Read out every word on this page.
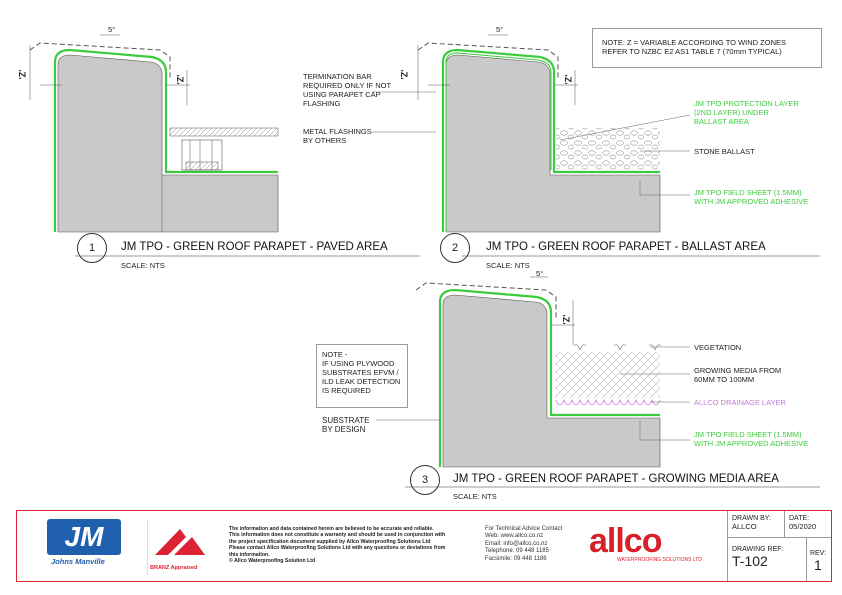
NOTE: Z = VARIABLE ACCORDING TO WIND ZONES
REFER TO NZBC E2 AS1 TABLE 7 (70mm TYPICAL)
5°	5°
5°
'Z'
'Z'
'Z'
'Z'
'Z'
TERMINATION BAR
REQUIRED ONLY IF NOT
USING PARAPET CAP
FLASHING
METAL FLASHINGS
BY OTHERS
JM TPO PROTECTION LAYER
(2ND LAYER) UNDER
BALLAST AREA
STONE BALLAST
JM TPO FIELD SHEET (1.5MM)
WITH JM APPROVED ADHESIVE
VEGETATION
GROWING MEDIA FROM
60MM TO 100MM
ALLCO DRAINAGE LAYER
JM TPO FIELD SHEET (1.5MM)
WITH JM APPROVED ADHESIVE
NOTE -
IF USING PLYWOOD
SUBSTRATES EFVM /
ILD LEAK DETECTION
IS REQUIRED
SUBSTRATE
BY DESIGN
1	JM TPO - GREEN ROOF PARAPET - PAVED AREA
SCALE: NTS
2	JM TPO - GREEN ROOF PARAPET - BALLAST AREA
SCALE: NTS
3	JM TPO - GREEN ROOF PARAPET - GROWING MEDIA AREA
SCALE: NTS
JM
Johns Manville
BRANZ Appraised
The information and data contained herein are believed to be accurate and reliable.
This information does not constitute a warranty and should be used in conjunction with
the project specification document supplied by Allco Waterproofing Solutions Ltd
Please contact Allco Waterproofing Solutions Ltd with any questions or deviations from
this information.
© Allco Waterproofing Solution Ltd
For Technical Advice Contact
Web: www.allco.co.nz
Email: info@allco.co.nz
Telephone: 09 448 1185
Facsimile: 09 448 1186	allco
WATERPROOFING SOLUTIONS LTD
DRAWN BY:
ALLCO
DATE:
05/2020
DRAWING REF:
T-102	REV:
1
